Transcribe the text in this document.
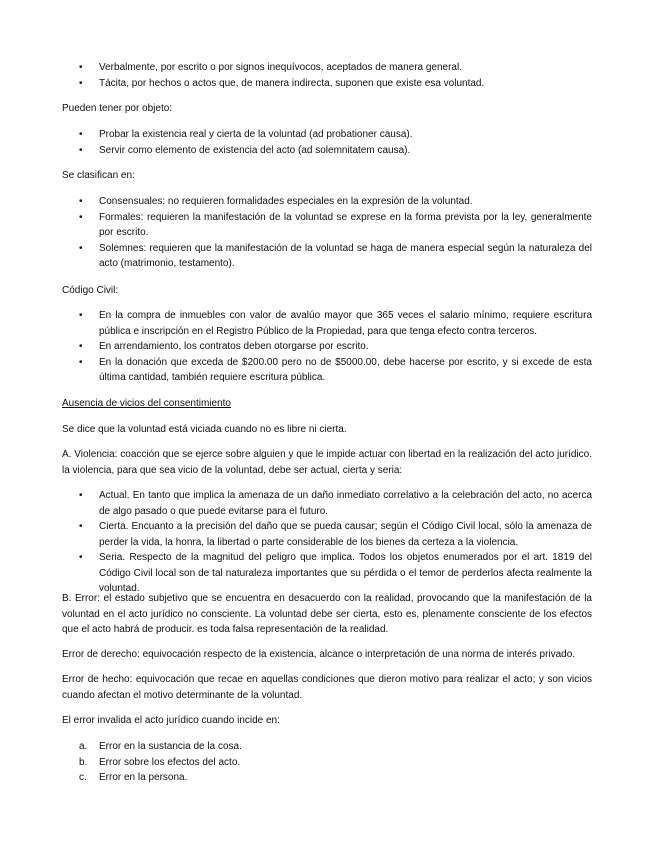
• Verbalmente, por escrito o por signos inequívocos, aceptados de manera general.
• Tácita, por hechos o actos que, de manera indirecta, suponen que existe esa voluntad.
Pueden tener por objeto:
• Probar la existencia real y cierta de la voluntad (ad probationer causa).
• Servir como elemento de existencia del acto (ad solemnitatem causa).
Se clasifican en:
• Consensuales: no requieren formalidades especiales en la expresión de la voluntad.
• Formales: requieren la manifestación de la voluntad se exprese en la forma prevista por la ley, generalmente por escrito.
• Solemnes: requieren que la manifestación de la voluntad se haga de manera especial según la naturaleza del acto (matrimonio, testamento).
Código Civil:
• En la compra de inmuebles con valor de avalúo mayor que 365 veces el salario mínimo, requiere escritura pública e inscripción en el Registro Público de la Propiedad, para que tenga efecto contra terceros.
• En arrendamiento, los contratos deben otorgarse por escrito.
• En la donación que exceda de $200.00 pero no de $5000.00, debe hacerse por escrito, y si excede de esta última cantidad, también requiere escritura pública.
Ausencia de vicios del consentimiento
Se dice que la voluntad está viciada cuando no es libre ni cierta.
A. Violencia: coacción que se ejerce sobre alguien y que le impide actuar con libertad en la realización del acto jurídico. la violencia, para que sea vicio de la voluntad, debe ser actual, cierta y seria:
• Actual. En tanto que implica la amenaza de un daño inmediato correlativo a la celebración del acto, no acerca de algo pasado o que puede evitarse para el futuro.
• Cierta. Encuanto a la precisión del daño que se pueda causar; según el Código Civil local, sólo la amenaza de perder la vida, la honra, la libertad o parte considerable de los bienes da certeza a la violencia.
• Seria. Respecto de la magnitud del peligro que implica. Todos los objetos enumerados por el art. 1819 del Código Civil local son de tal naturaleza importantes que su pérdida o el temor de perderlos afecta realmente la voluntad.
B. Error: el estado subjetivo que se encuentra en desacuerdo con la realidad, provocando que la manifestación de la voluntad en el acto jurídico no consciente. La voluntad debe ser cierta, esto es, plenamente consciente de los efectos que el acto habrá de producir. es toda falsa representación de la realidad.
Error de derecho: equivocación respecto de la existencia, alcance o interpretación de una norma de interés privado.
Error de hecho: equivocación que recae en aquellas condiciones que dieron motivo para realizar el acto; y son vicios cuando afectan el motivo determinante de la voluntad.
El error invalida el acto jurídico cuando incide en:
a. Error en la sustancia de la cosa.
b. Error sobre los efectos del acto.
c. Error en la persona.
